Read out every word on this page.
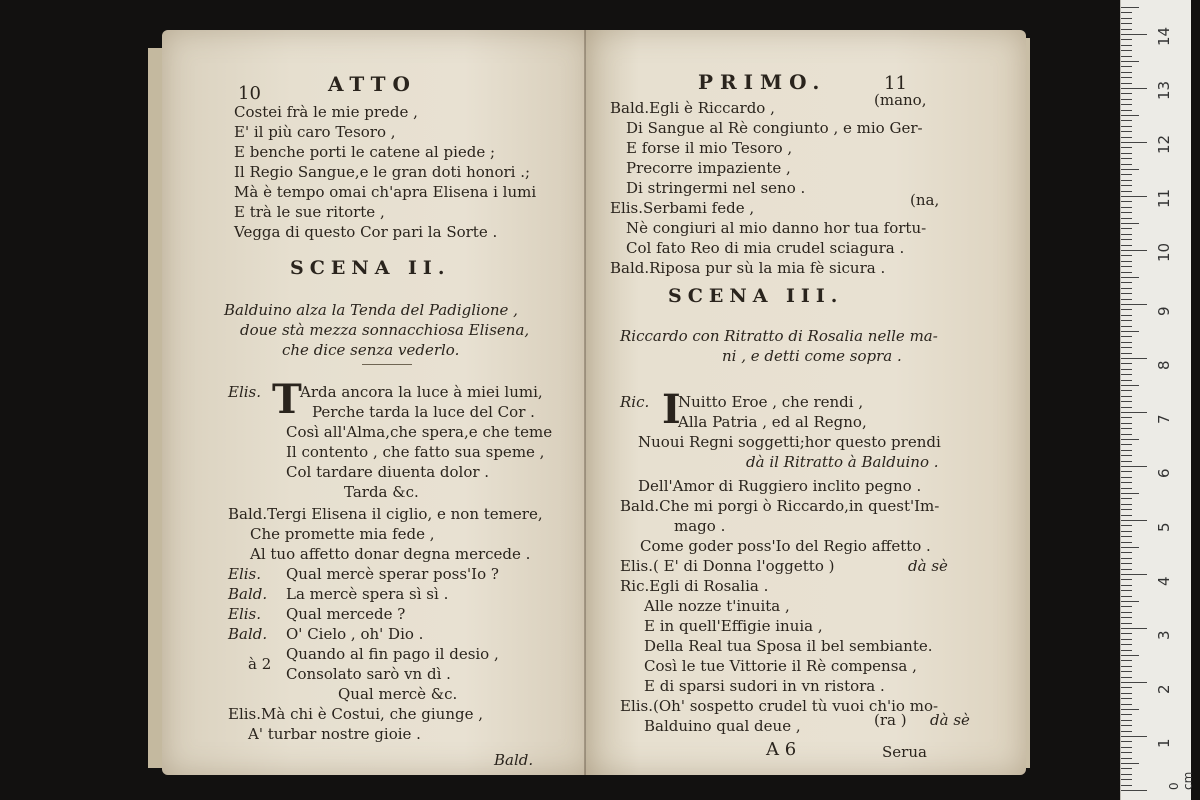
10	ATTO
Costei frà le mie prede ,
E' il più caro Tesoro ,
E benche porti le catene al piede ;
Il Regio Sangue,e le gran doti honori .;
Mà è tempo omai ch'apra Elisena i lumi
E trà le sue ritorte ,
Vegga di questo Cor pari la Sorte .
SCENA II.
Balduino alza la Tenda del Padiglione ,
doue stà mezza sonnacchiosa Elisena,
che dice senza vederlo.
Elis. T
Arda ancora la luce à miei lumi,
Perche tarda la luce del Cor .
Così all'Alma,che spera,e che teme
Il contento , che fatto sua speme ,
Col tardare diuenta dolor .
Tarda &c.
Bald.Tergi Elisena il ciglio, e non temere,
Che promette mia fede ,
Al tuo affetto donar degna mercede .
Elis. Qual mercè sperar poss'Io ?
Bald. La mercè spera sì sì .
Elis. Qual mercede ?
Bald. O' Cielo , oh' Dio .
à 2
Quando al fin pago il desio ,
Consolato sarò vn dì .
Qual mercè &c.
Elis.Mà chi è Costui, che giunge ,
A' turbar nostre gioie .
Bald.
PRIMO.	11
Bald.Egli è Riccardo ,	(mano,
Di Sangue al Rè congiunto , e mio Ger-
E forse il mio Tesoro ,
Precorre impaziente ,
Di stringermi nel seno .
Elis.Serbami fede ,	(na,
Nè congiuri al mio danno hor tua fortu-
Col fato Reo di mia crudel sciagura .
Bald.Riposa pur sù la mia fè sicura .
SCENA III.
Riccardo con Ritratto di Rosalia nelle ma-
ni , e detti come sopra .
Ric. I
Nuitto Eroe , che rendi ,
Alla Patria , ed al Regno,
Nuoui Regni soggetti;hor questo prendi
dà il Ritratto à Balduino .
Dell'Amor di Ruggiero inclito pegno .
Bald.Che mi porgi ò Riccardo,in quest'Im-
mago .
Come goder poss'Io del Regio affetto .
Elis.( E' di Donna l'oggetto )	dà sè
Ric.Egli di Rosalia .
Alle nozze t'inuita ,
E in quell'Effigie inuia ,
Della Real tua Sposa il bel sembiante.
Così le tue Vittorie il Rè compensa ,
E di sparsi sudori in vn ristora .
Elis.(Oh' sospetto crudel tù vuoi ch'io mo-
Balduino qual deue ,	(ra ) dà sè
A 6	Serua
0 cm
1
2
3
4
5
6
7
8
9
10
11
12
13
14
